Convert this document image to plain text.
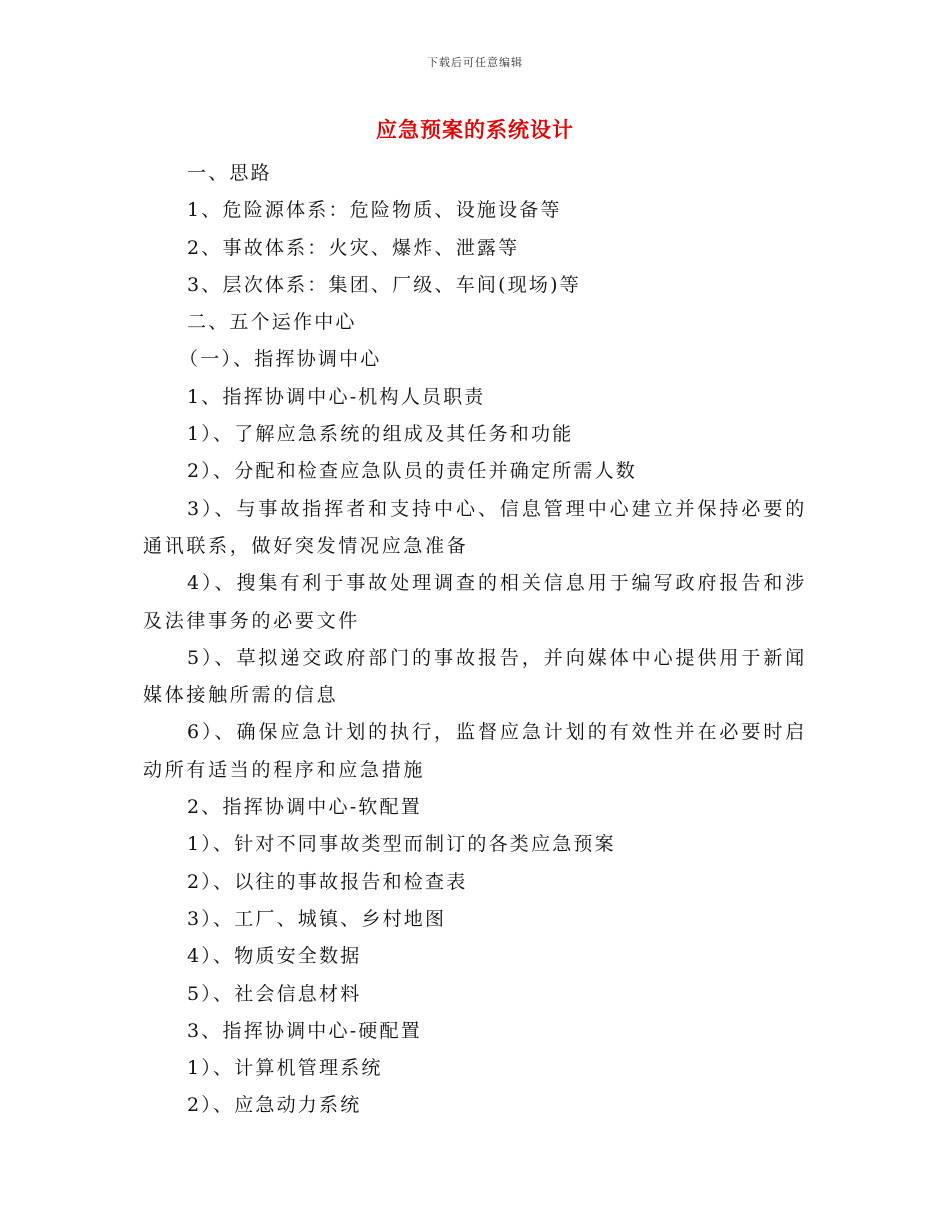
下载后可任意编辑
应急预案的系统设计
一、思路
1、危险源体系：危险物质、设施设备等
2、事故体系：火灾、爆炸、泄露等
3、层次体系：集团、厂级、车间(现场)等
二、五个运作中心
（一）、指挥协调中心
1、指挥协调中心-机构人员职责
1）、了解应急系统的组成及其任务和功能
2）、分配和检查应急队员的责任并确定所需人数

3）、与事故指挥者和支持中心、信息管理中心建立并保持必要的通讯联系，做好突发情况应急准备

4）、搜集有利于事故处理调查的相关信息用于编写政府报告和涉及法律事务的必要文件

5）、草拟递交政府部门的事故报告，并向媒体中心提供用于新闻媒体接触所需的信息

6）、确保应急计划的执行，监督应急计划的有效性并在必要时启动所有适当的程序和应急措施

2、指挥协调中心-软配置
1）、针对不同事故类型而制订的各类应急预案
2）、以往的事故报告和检查表
3）、工厂、城镇、乡村地图
4）、物质安全数据
5）、社会信息材料
3、指挥协调中心-硬配置
1）、计算机管理系统
2）、应急动力系统
